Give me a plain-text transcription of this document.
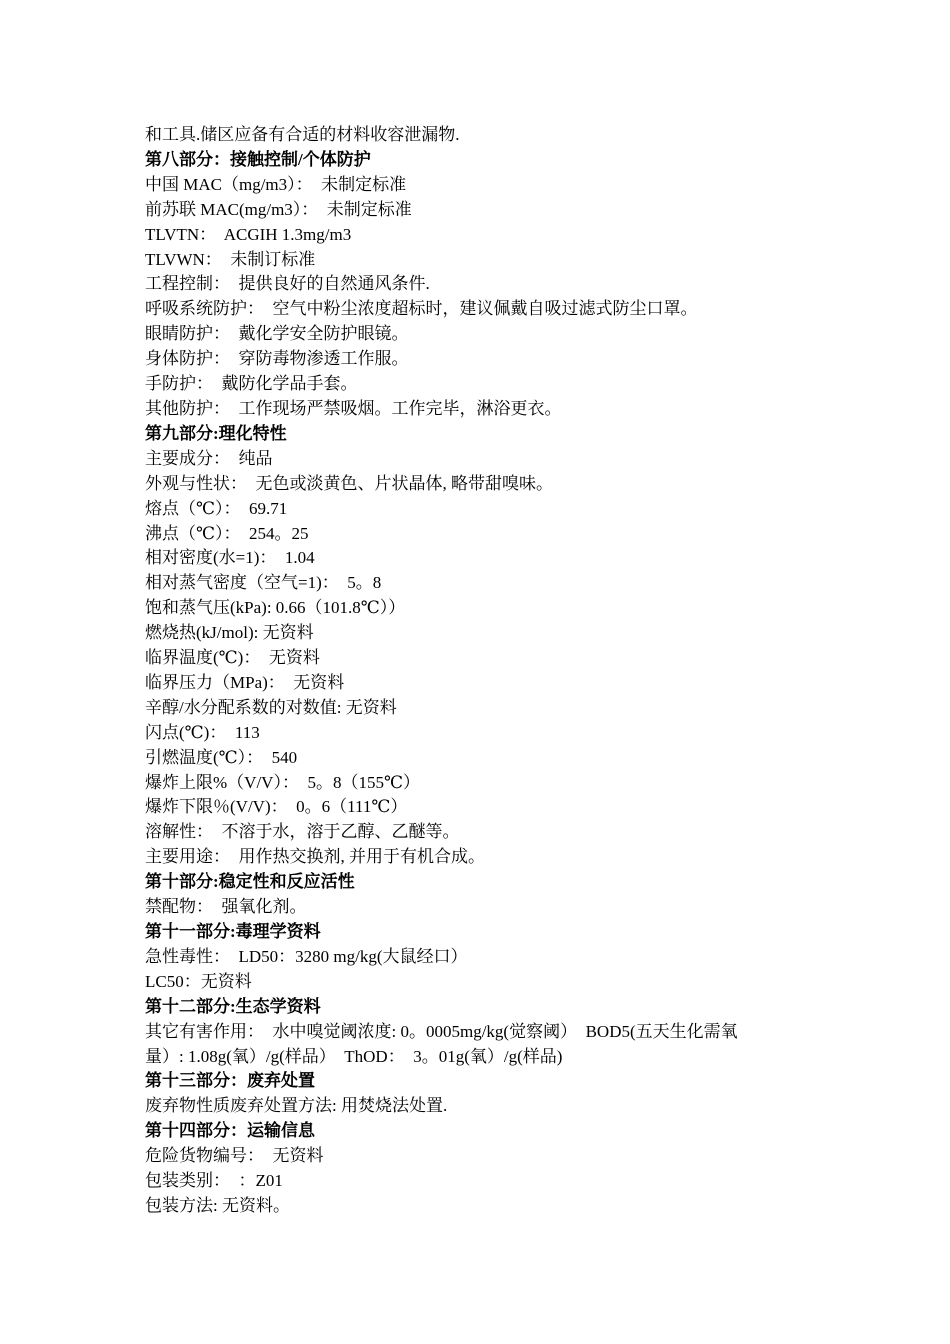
和工具.储区应备有合适的材料收容泄漏物.

第八部分：接触控制/个体防护

中国 MAC（mg/m3）：  未制定标准

前苏联 MAC(mg/m3）：  未制定标准

TLVTN：  ACGIH 1.3mg/m3

TLVWN：  未制订标准

工程控制：  提供良好的自然通风条件.

呼吸系统防护：  空气中粉尘浓度超标时，建议佩戴自吸过滤式防尘口罩。

眼睛防护：  戴化学安全防护眼镜。

身体防护：  穿防毒物渗透工作服。

手防护：  戴防化学品手套。

其他防护：  工作现场严禁吸烟。工作完毕，淋浴更衣。

第九部分:理化特性

主要成分：  纯品

外观与性状：  无色或淡黄色、片状晶体, 略带甜嗅味。

熔点（℃）：  69.71

沸点（℃）：  254。25

相对密度(水=1)：  1.04

相对蒸气密度（空气=1)：  5。8

饱和蒸气压(kPa): 0.66（101.8℃））

燃烧热(kJ/mol): 无资料

临界温度(℃)：  无资料

临界压力（MPa)：  无资料

辛醇/水分配系数的对数值: 无资料

闪点(℃)：  113

引燃温度(℃）：  540

爆炸上限%（V/V）：  5。8（155℃）

爆炸下限％(V/V)：  0。6（111℃）

溶解性：  不溶于水，溶于乙醇、乙醚等。

主要用途：  用作热交换剂, 并用于有机合成。

第十部分:稳定性和反应活性

禁配物：  强氧化剂。

第十一部分:毒理学资料

急性毒性：  LD50：3280 mg/kg(大鼠经口）

LC50：无资料

第十二部分:生态学资料

其它有害作用：  水中嗅觉阈浓度: 0。0005mg/kg(觉察阈）  BOD5(五天生化需氧

量）: 1.08g(氧）/g(样品）  ThOD：  3。01g(氧）/g(样品)

第十三部分：废弃处置

废弃物性质废弃处置方法: 用焚烧法处置.

第十四部分：运输信息

危险货物编号：  无资料

包装类别：  ：Z01

包装方法: 无资料。
